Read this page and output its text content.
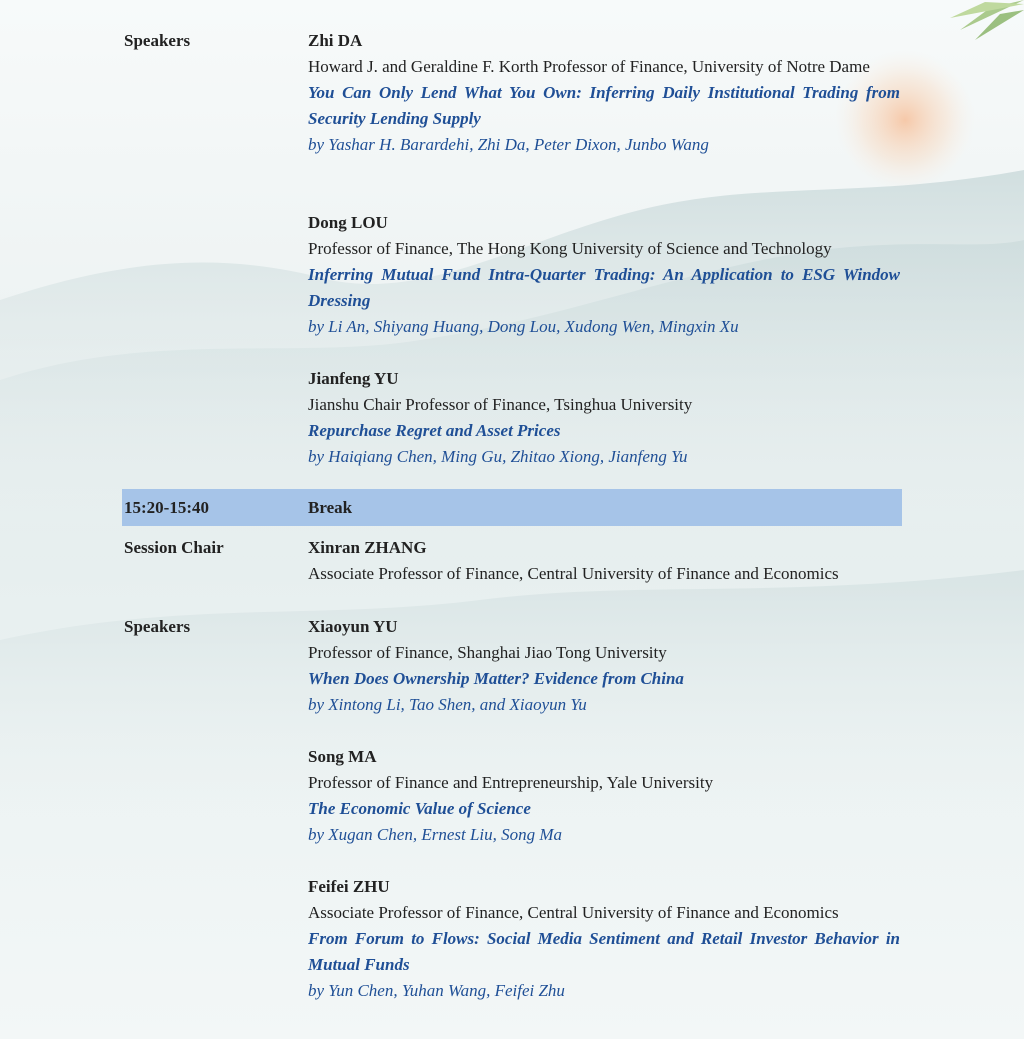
Speakers	Zhi DA
Howard J. and Geraldine F. Korth Professor of Finance, University of Notre Dame
You Can Only Lend What You Own: Inferring Daily Institutional Trading from Security Lending Supply
by Yashar H. Barardehi, Zhi Da, Peter Dixon, Junbo Wang
Dong LOU
Professor of Finance, The Hong Kong University of Science and Technology
Inferring Mutual Fund Intra-Quarter Trading: An Application to ESG Window Dressing
by Li An, Shiyang Huang, Dong Lou, Xudong Wen, Mingxin Xu
Jianfeng YU
Jianshu Chair Professor of Finance, Tsinghua University
Repurchase Regret and Asset Prices
by Haiqiang Chen, Ming Gu, Zhitao Xiong, Jianfeng Yu
15:20-15:40	Break
Session Chair	Xinran ZHANG
Associate Professor of Finance, Central University of Finance and Economics
Speakers	Xiaoyun YU
Professor of Finance, Shanghai Jiao Tong University
When Does Ownership Matter? Evidence from China
by Xintong Li, Tao Shen, and Xiaoyun Yu
Song MA
Professor of Finance and Entrepreneurship, Yale University
The Economic Value of Science
by Xugan Chen, Ernest Liu, Song Ma
Feifei ZHU
Associate Professor of Finance, Central University of Finance and Economics
From Forum to Flows: Social Media Sentiment and Retail Investor Behavior in Mutual Funds
by Yun Chen, Yuhan Wang, Feifei Zhu
